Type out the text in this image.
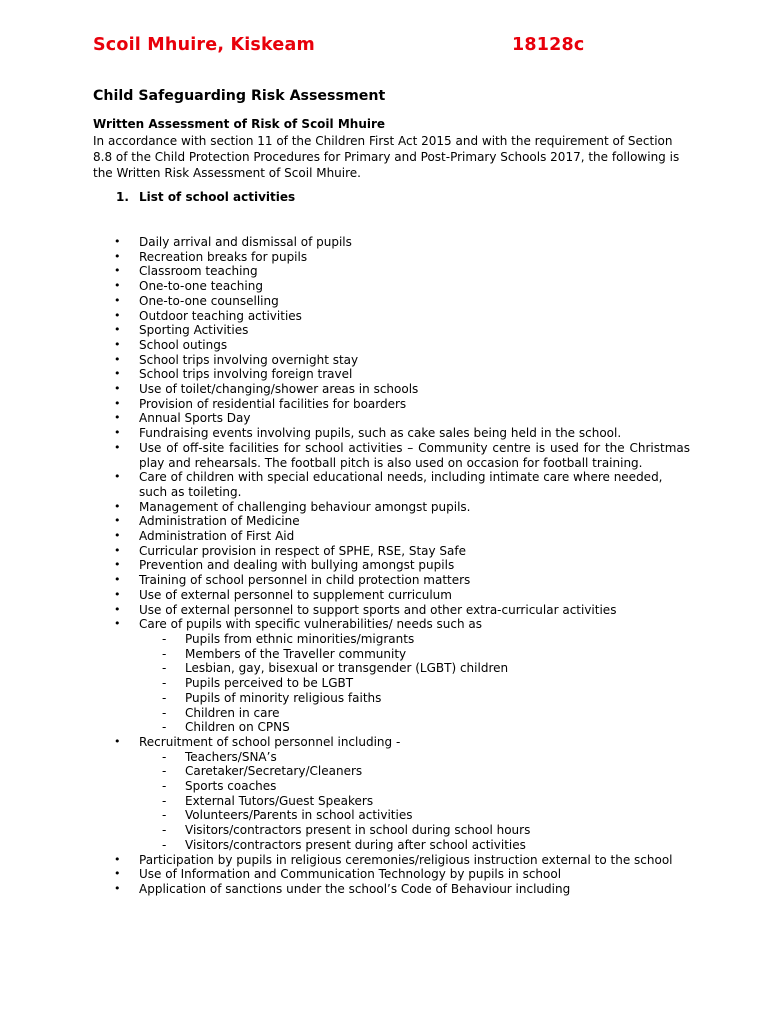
Scoil Mhuire, Kiskeam	18128c
Child Safeguarding Risk Assessment
Written Assessment of Risk of Scoil Mhuire
In accordance with section 11 of the Children First Act 2015 and with the requirement of Section 8.8 of the Child Protection Procedures for Primary and Post-Primary Schools 2017, the following is the Written Risk Assessment of Scoil Mhuire.
1. List of school activities
• Daily arrival and dismissal of pupils
• Recreation breaks for pupils
• Classroom teaching
• One-to-one teaching
• One-to-one counselling
• Outdoor teaching activities
• Sporting Activities
• School outings
• School trips involving overnight stay
• School trips involving foreign travel
• Use of toilet/changing/shower areas in schools
• Provision of residential facilities for boarders
• Annual Sports Day
• Fundraising events involving pupils, such as cake sales being held in the school.
• Use of off-site facilities for school activities – Community centre is used for the Christmas play and rehearsals. The football pitch is also used on occasion for football training.
• Care of children with special educational needs, including intimate care where needed, such as toileting.
• Management of challenging behaviour amongst pupils.
• Administration of Medicine
• Administration of First Aid
• Curricular provision in respect of SPHE, RSE, Stay Safe
• Prevention and dealing with bullying amongst pupils
• Training of school personnel in child protection matters
• Use of external personnel to supplement curriculum
• Use of external personnel to support sports and other extra-curricular activities
• Care of pupils with specific vulnerabilities/ needs such as
- Pupils from ethnic minorities/migrants
- Members of the Traveller community
- Lesbian, gay, bisexual or transgender (LGBT) children
- Pupils perceived to be LGBT
- Pupils of minority religious faiths
- Children in care
- Children on CPNS
• Recruitment of school personnel including -
- Teachers/SNA’s
- Caretaker/Secretary/Cleaners
- Sports coaches
- External Tutors/Guest Speakers
- Volunteers/Parents in school activities
- Visitors/contractors present in school during school hours
- Visitors/contractors present during after school activities
• Participation by pupils in religious ceremonies/religious instruction external to the school
• Use of Information and Communication Technology by pupils in school
• Application of sanctions under the school’s Code of Behaviour including
